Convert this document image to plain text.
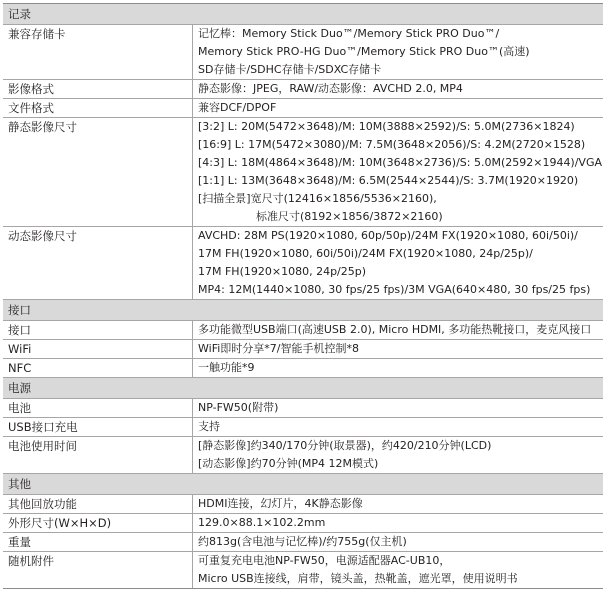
记录
兼容存储卡	记忆棒：Memory Stick Duo™/Memory Stick PRO Duo™/
Memory Stick PRO-HG Duo™/Memory Stick PRO Duo™(高速)
SD存储卡/SDHC存储卡/SDXC存储卡
影像格式	静态影像：JPEG，RAW/动态影像：AVCHD 2.0, MP4
文件格式	兼容DCF/DPOF
静态影像尺寸	[3:2] L: 20M(5472×3648)/M: 10M(3888×2592)/S: 5.0M(2736×1824)
[16:9] L: 17M(5472×3080)/M: 7.5M(3648×2056)/S: 4.2M(2720×1528)
[4:3] L: 18M(4864×3648)/M: 10M(3648×2736)/S: 5.0M(2592×1944)/VGA
[1:1] L: 13M(3648×3648)/M: 6.5M(2544×2544)/S: 3.7M(1920×1920)
[扫描全景]宽尺寸(12416×1856/5536×2160),
标准尺寸(8192×1856/3872×2160)
动态影像尺寸	AVCHD: 28M PS(1920×1080, 60p/50p)/24M FX(1920×1080, 60i/50i)/
17M FH(1920×1080, 60i/50i)/24M FX(1920×1080, 24p/25p)/
17M FH(1920×1080, 24p/25p)
MP4: 12M(1440×1080, 30 fps/25 fps)/3M VGA(640×480, 30 fps/25 fps)
接口
接口	多功能微型USB端口(高速USB 2.0), Micro HDMI, 多功能热靴接口，麦克风接口
WiFi	WiFi即时分享*7/智能手机控制*8
NFC	一触功能*9
电源
电池	NP-FW50(附带)
USB接口充电	支持
电池使用时间	[静态影像]约340/170分钟(取景器)，约420/210分钟(LCD)
[动态影像]约70分钟(MP4 12M模式)
其他
其他回放功能	HDMI连接，幻灯片，4K静态影像
外形尺寸(W×H×D)	129.0×88.1×102.2mm
重量	约813g(含电池与记忆棒)/约755g(仅主机)
随机附件	可重复充电电池NP-FW50，电源适配器AC-UB10，
Micro USB连接线，肩带，镜头盖，热靴盖，遮光罩，使用说明书
